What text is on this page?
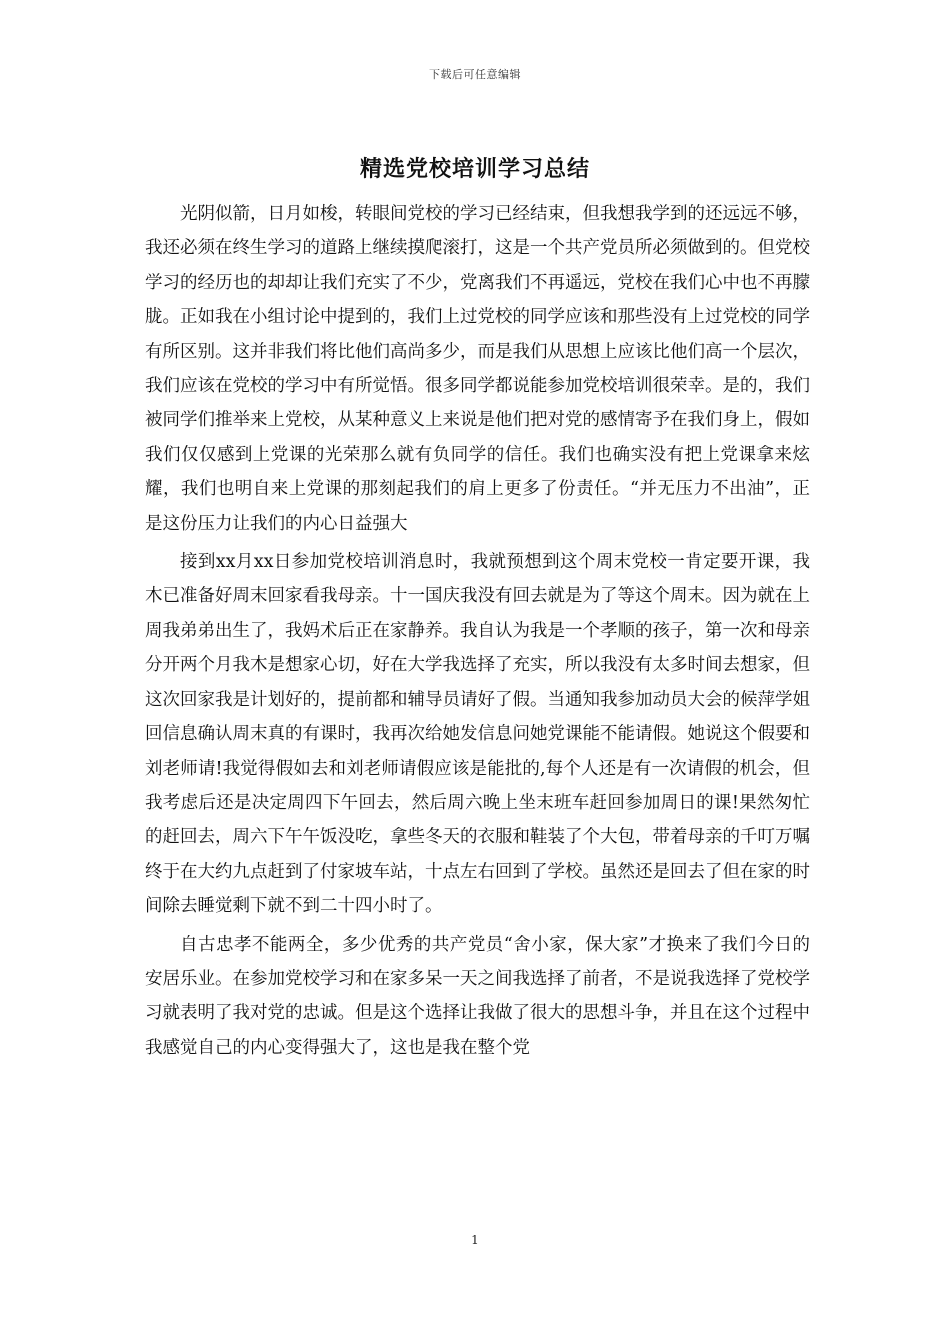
下载后可任意编辑
精选党校培训学习总结

光阴似箭，日月如梭，转眼间党校的学习已经结束，但我想我学到的还远远不够，我还必须在终生学习的道路上继续摸爬滚打，这是一个共产党员所必须做到的。但党校学习的经历也的却却让我们充实了不少，党离我们不再遥远，党校在我们心中也不再朦胧。正如我在小组讨论中提到的，我们上过党校的同学应该和那些没有上过党校的同学有所区别。这并非我们将比他们高尚多少，而是我们从思想上应该比他们高一个层次，我们应该在党校的学习中有所觉悟。很多同学都说能参加党校培训很荣幸。是的，我们被同学们推举来上党校，从某种意义上来说是他们把对党的感情寄予在我们身上，假如我们仅仅感到上党课的光荣那么就有负同学的信任。我们也确实没有把上党课拿来炫耀，我们也明自来上党课的那刻起我们的肩上更多了份责任。“并无压力不出油”，正是这份压力让我们的内心日益强大

接到xx月xx日参加党校培训消息时，我就预想到这个周末党校一肯定要开课，我木已准备好周末回家看我母亲。十一国庆我没有回去就是为了等这个周末。因为就在上周我弟弟出生了，我妈术后正在家静养。我自认为我是一个孝顺的孩子，第一次和母亲分开两个月我木是想家心切，好在大学我选择了充实，所以我没有太多时间去想家，但这次回家我是计划好的，提前都和辅导员请好了假。当通知我参加动员大会的候萍学姐回信息确认周末真的有课时，我再次给她发信息问她党课能不能请假。她说这个假要和刘老师请!我觉得假如去和刘老师请假应该是能批的,每个人还是有一次请假的机会，但我考虑后还是决定周四下午回去，然后周六晚上坐末班车赶回参加周日的课!果然匆忙的赶回去，周六下午午饭没吃，拿些冬天的衣服和鞋装了个大包，带着母亲的千叮万嘱终于在大约九点赶到了付家坡车站，十点左右回到了学校。虽然还是回去了但在家的时间除去睡觉剩下就不到二十四小时了。

自古忠孝不能两全，多少优秀的共产党员“舍小家，保大家”才换来了我们今日的安居乐业。在参加党校学习和在家多呆一天之间我选择了前者，不是说我选择了党校学习就表明了我对党的忠诚。但是这个选择让我做了很大的思想斗争，并且在这个过程中我感觉自己的内心变得强大了，这也是我在整个党

1
